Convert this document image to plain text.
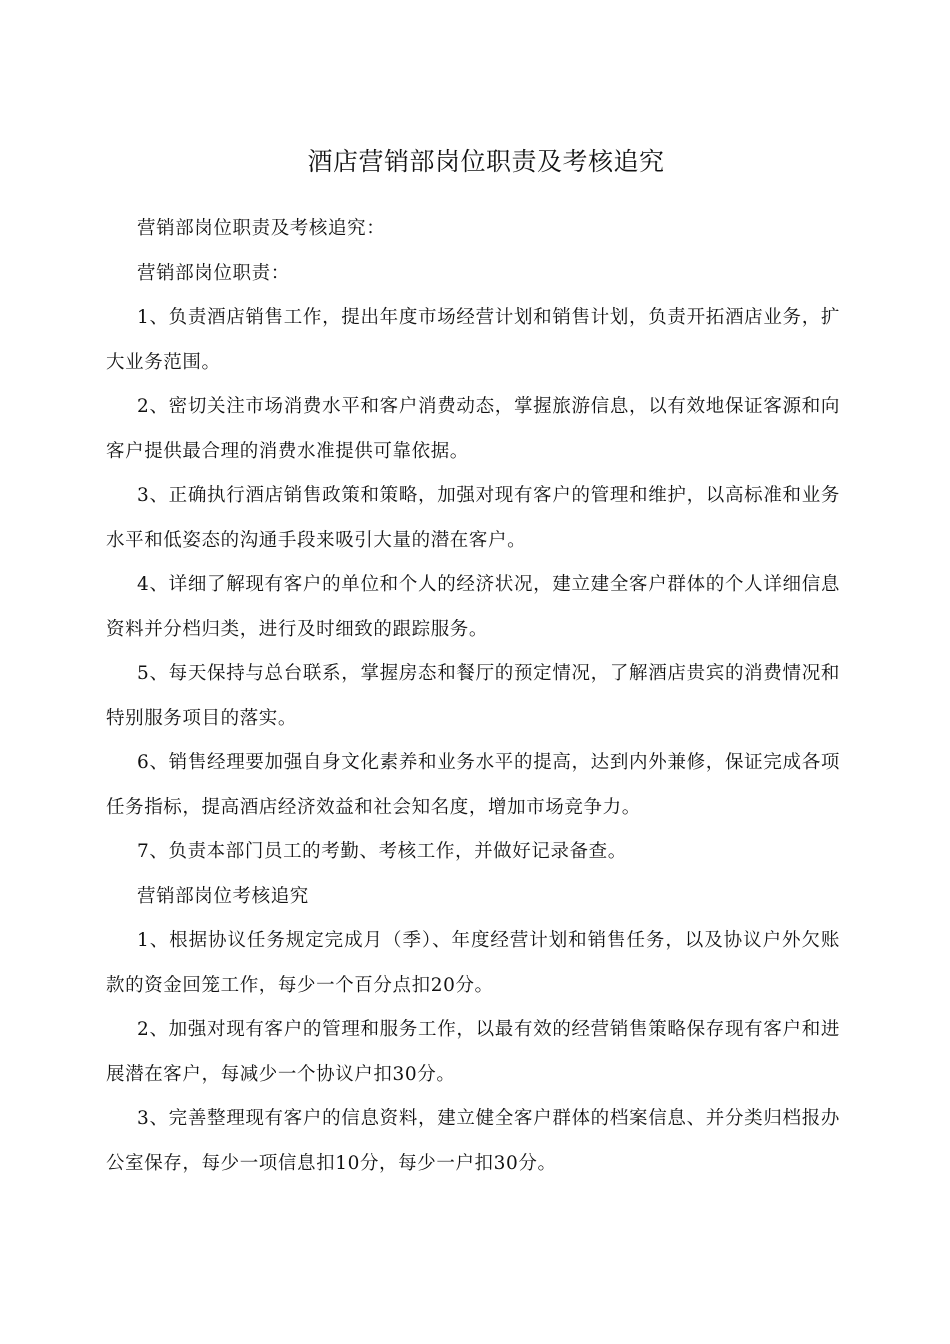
酒店营销部岗位职责及考核追究

营销部岗位职责及考核追究：

营销部岗位职责：

1、负责酒店销售工作，提出年度市场经营计划和销售计划，负责开拓酒店业务，扩大业务范围。

2、密切关注市场消费水平和客户消费动态，掌握旅游信息，以有效地保证客源和向客户提供最合理的消费水准提供可靠依据。

3、正确执行酒店销售政策和策略，加强对现有客户的管理和维护，以高标准和业务水平和低姿态的沟通手段来吸引大量的潜在客户。

4、详细了解现有客户的单位和个人的经济状况，建立建全客户群体的个人详细信息资料并分档归类，进行及时细致的跟踪服务。

5、每天保持与总台联系，掌握房态和餐厅的预定情况，了解酒店贵宾的消费情况和特别服务项目的落实。

6、销售经理要加强自身文化素养和业务水平的提高，达到内外兼修，保证完成各项任务指标，提高酒店经济效益和社会知名度，增加市场竞争力。

7、负责本部门员工的考勤、考核工作，并做好记录备查。

营销部岗位考核追究

1、根据协议任务规定完成月（季）、年度经营计划和销售任务，以及协议户外欠账款的资金回笼工作，每少一个百分点扣20分。

2、加强对现有客户的管理和服务工作，以最有效的经营销售策略保存现有客户和进展潜在客户，每减少一个协议户扣30分。

3、完善整理现有客户的信息资料，建立健全客户群体的档案信息、并分类归档报办公室保存，每少一项信息扣10分，每少一户扣30分。
